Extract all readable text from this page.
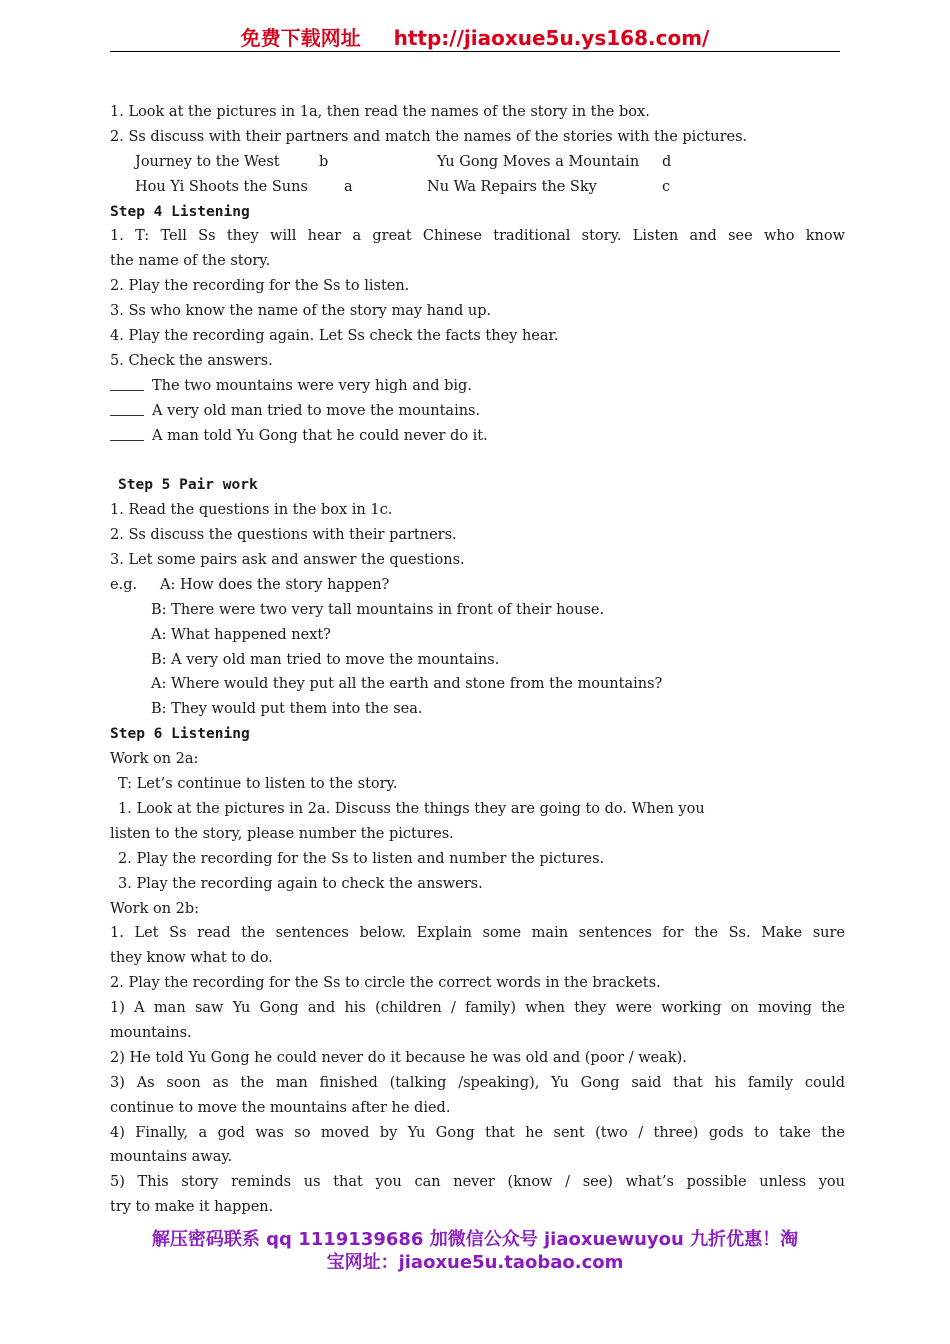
免费下载网址 http://jiaoxue5u.ys168.com/
1. Look at the pictures in 1a, then read the names of the story in the box.
2. Ss discuss with their partners and match the names of the stories with the pictures.
Journey to the West	b	Yu Gong Moves a Mountain d
Hou Yi Shoots the Suns a	Nu Wa Repairs the Sky	c
Step 4 Listening
1. T: Tell Ss they will hear a great Chinese traditional story. Listen and see who know
the name of the story.
2. Play the recording for the Ss to listen.
3. Ss who know the name of the story may hand up.
4. Play the recording again. Let Ss check the facts they hear.
5. Check the answers.
The two mountains were very high and big.
A very old man tried to move the mountains.
A man told Yu Gong that he could never do it.
Step 5 Pair work
1. Read the questions in the box in 1c.
2. Ss discuss the questions with their partners.
3. Let some pairs ask and answer the questions.
e.g. A: How does the story happen?
B: There were two very tall mountains in front of their house.
A: What happened next?
B: A very old man tried to move the mountains.
A: Where would they put all the earth and stone from the mountains?
B: They would put them into the sea.
Step 6 Listening
Work on 2a:
T: Let’s continue to listen to the story.
1. Look at the pictures in 2a. Discuss the things they are going to do. When you
listen to the story, please number the pictures.
2. Play the recording for the Ss to listen and number the pictures.
3. Play the recording again to check the answers.
Work on 2b:
1. Let Ss read the sentences below. Explain some main sentences for the Ss. Make sure
they know what to do.
2. Play the recording for the Ss to circle the correct words in the brackets.
1) A man saw Yu Gong and his (children / family) when they were working on moving the
mountains.
2) He told Yu Gong he could never do it because he was old and (poor / weak).
3) As soon as the man finished (talking /speaking), Yu Gong said that his family could
continue to move the mountains after he died.
4) Finally, a god was so moved by Yu Gong that he sent (two / three) gods to take the
mountains away.
5) This story reminds us that you can never (know / see) what’s possible unless you
try to make it happen.
解压密码联系 qq 1119139686 加微信公众号 jiaoxuewuyou 九折优惠！淘
宝网址：jiaoxue5u.taobao.com
